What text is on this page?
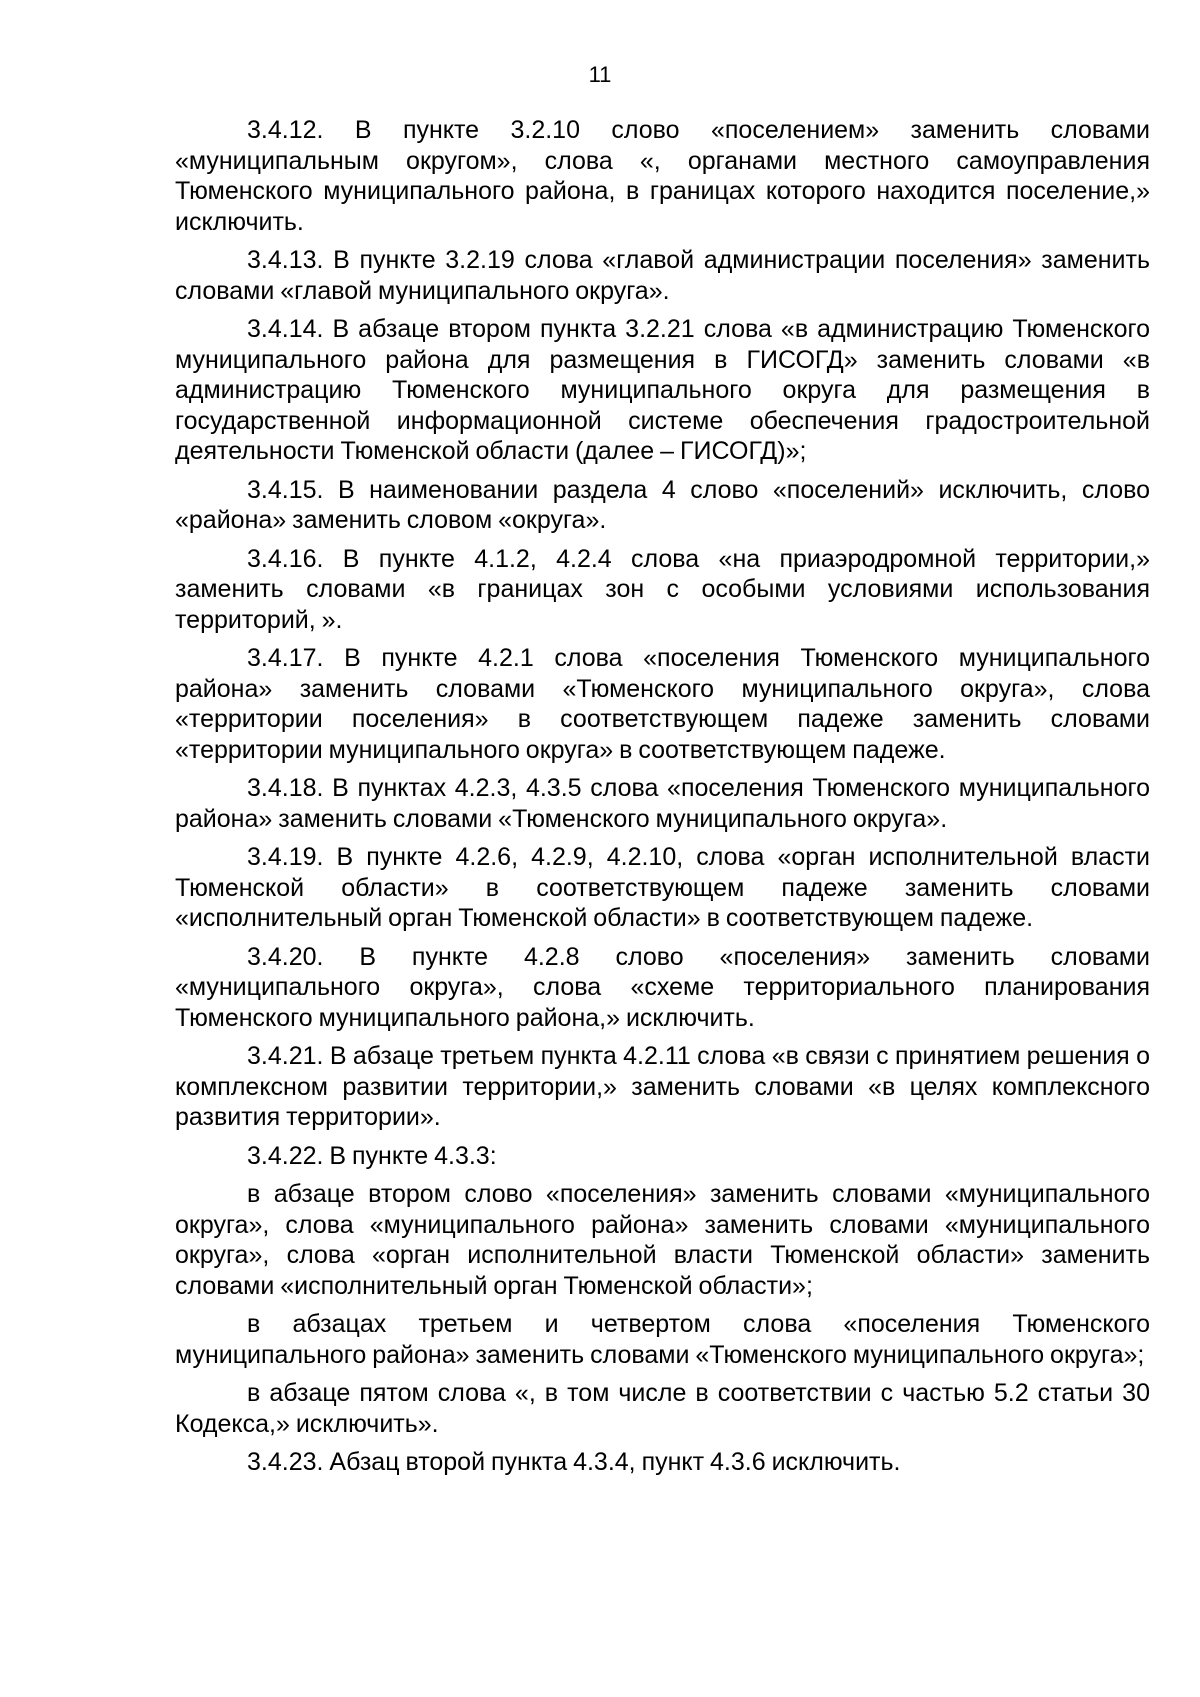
11

3.4.12. В пункте 3.2.10 слово «поселением» заменить словами «муниципальным округом», слова «, органами местного самоуправления Тюменского муниципального района, в границах которого находится поселение,» исключить.

3.4.13. В пункте 3.2.19 слова «главой администрации поселения» заменить словами «главой муниципального округа».

3.4.14. В абзаце втором пункта 3.2.21 слова «в администрацию Тюменского муниципального района для размещения в ГИСОГД» заменить словами «в администрацию Тюменского муниципального округа для размещения в государственной информационной системе обеспечения градостроительной деятельности Тюменской области (далее – ГИСОГД)»;

3.4.15. В наименовании раздела 4 слово «поселений» исключить, слово «района» заменить словом «округа».

3.4.16. В пункте 4.1.2, 4.2.4 слова «на приаэродромной территории,» заменить словами «в границах зон с особыми условиями использования территорий, ».

3.4.17. В пункте 4.2.1 слова «поселения Тюменского муниципального района» заменить словами «Тюменского муниципального округа», слова «территории поселения» в соответствующем падеже заменить словами «территории муниципального округа» в соответствующем падеже.

3.4.18. В пунктах 4.2.3, 4.3.5 слова «поселения Тюменского муниципального района» заменить словами «Тюменского муниципального округа».

3.4.19. В пункте 4.2.6, 4.2.9, 4.2.10, слова «орган исполнительной власти Тюменской области» в соответствующем падеже заменить словами «исполнительный орган Тюменской области» в соответствующем падеже.

3.4.20. В пункте 4.2.8 слово «поселения» заменить словами «муниципального округа», слова «схеме территориального планирования Тюменского муниципального района,» исключить.

3.4.21. В абзаце третьем пункта 4.2.11 слова «в связи с принятием решения о комплексном развитии территории,» заменить словами «в целях комплексного развития территории».

3.4.22. В пункте 4.3.3:

в абзаце втором слово «поселения» заменить словами «муниципального округа», слова «муниципального района» заменить словами «муниципального округа», слова «орган исполнительной власти Тюменской области» заменить словами «исполнительный орган Тюменской области»;

в абзацах третьем и четвертом слова «поселения Тюменского муниципального района» заменить словами «Тюменского муниципального округа»;

в абзаце пятом слова «, в том числе в соответствии с частью 5.2 статьи 30 Кодекса,» исключить».

3.4.23. Абзац второй пункта 4.3.4, пункт 4.3.6 исключить.
